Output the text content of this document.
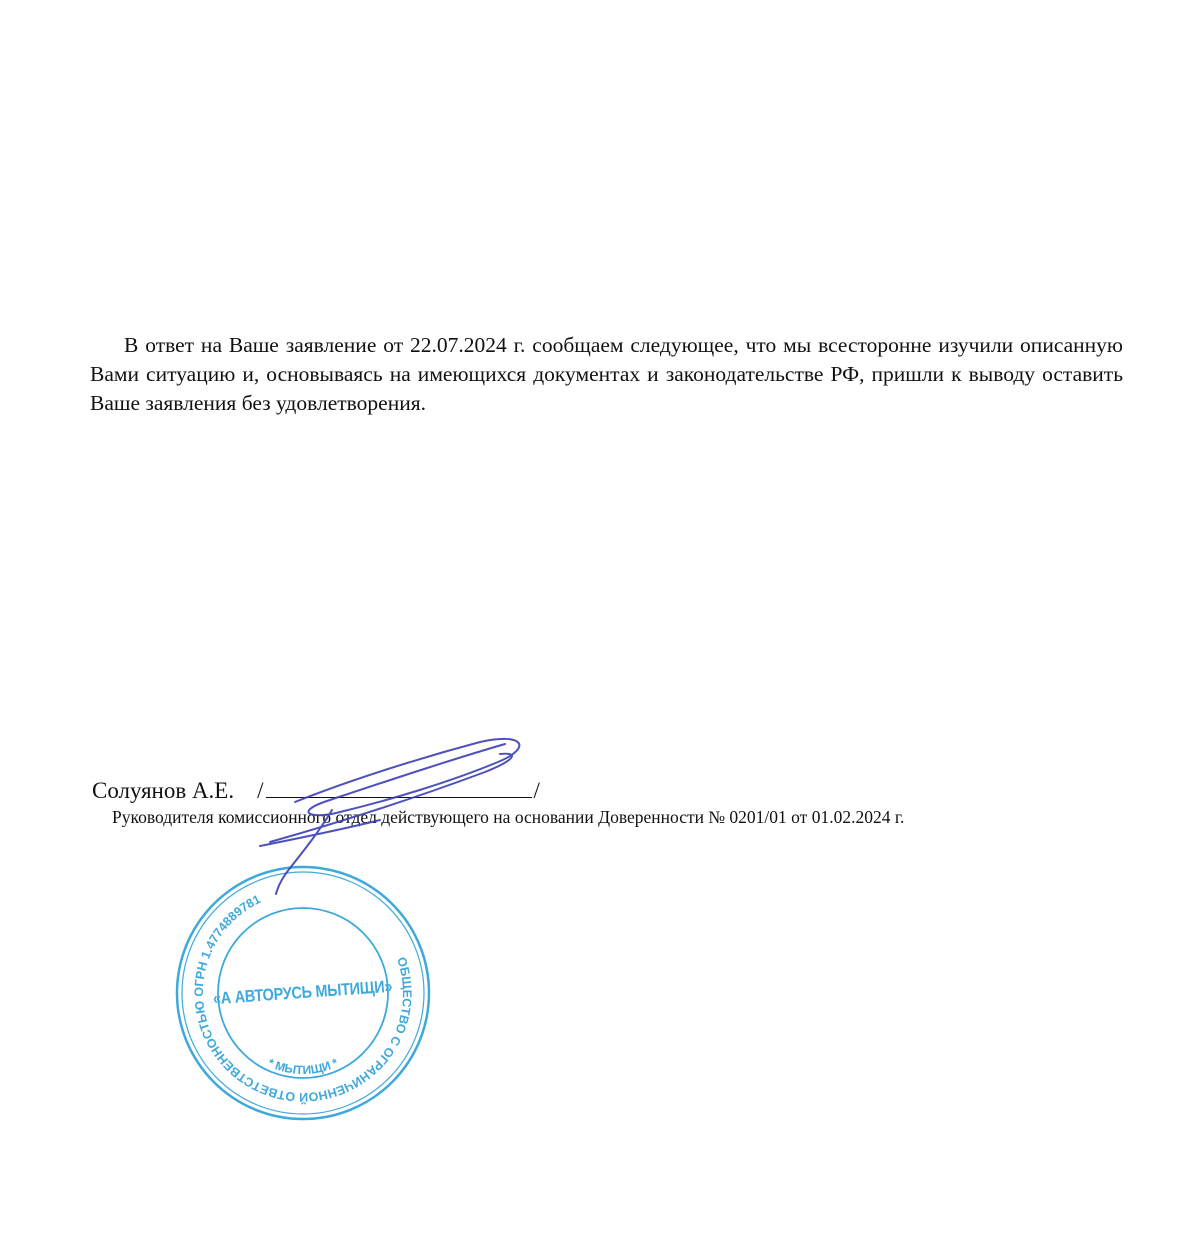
В ответ на Ваше заявление от 22.07.2024 г. сообщаем следующее, что мы всесторонне изучили описанную Вами ситуацию и, основываясь на имеющихся документах и законодательстве РФ, пришли к выводу оставить Ваше заявления без удовлетворения.

Солуянов А.Е. /	/
Руководителя комиссионного отдел действующего на основании Доверенности № 0201/01 от 01.02.2024 г.
ОБЩЕСТВО С ОГРАНИЧЕННОЙ ОТВЕТСТВЕННОСТЬЮ ОГРН 1.4774889781
* МЫТИЩИ *
«А АВТОРУСЬ МЫТИЩИ»
